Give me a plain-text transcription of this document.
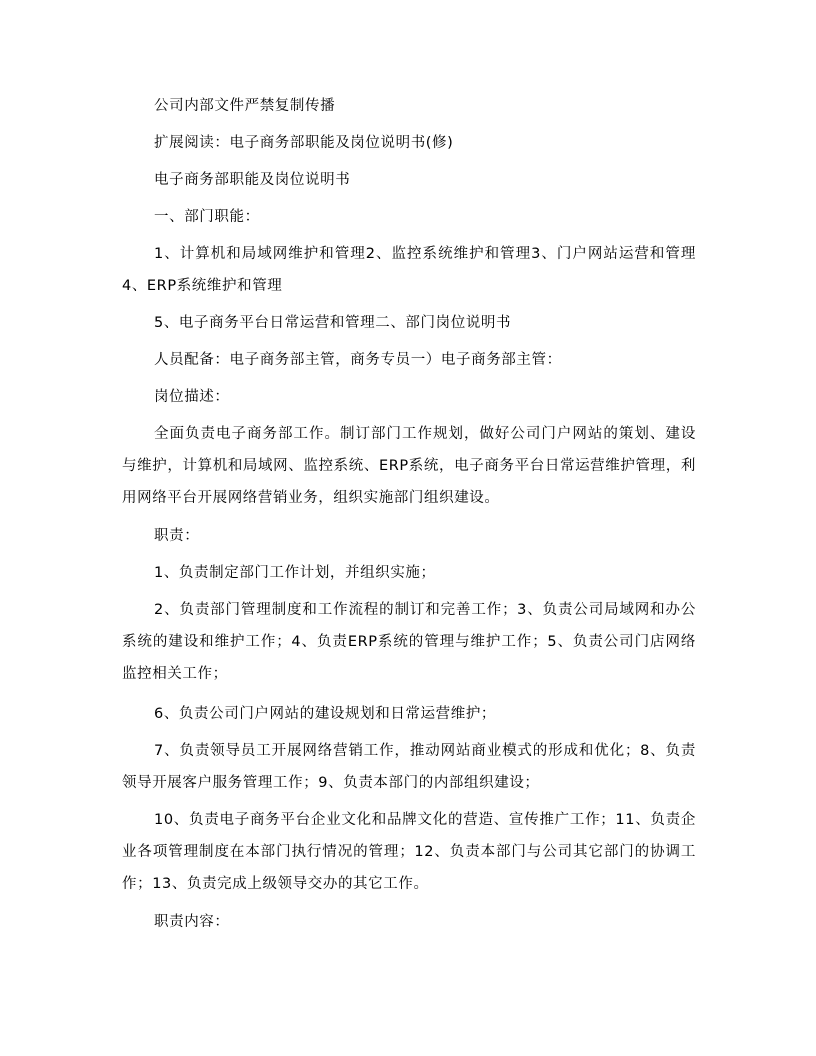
公司内部文件严禁复制传播

扩展阅读：电子商务部职能及岗位说明书(修)

电子商务部职能及岗位说明书

一、部门职能：

1、计算机和局域网维护和管理2、监控系统维护和管理3、门户网站运营和管理4、ERP系统维护和管理

5、电子商务平台日常运营和管理二、部门岗位说明书

人员配备：电子商务部主管，商务专员一）电子商务部主管：

岗位描述：

全面负责电子商务部工作。制订部门工作规划，做好公司门户网站的策划、建设与维护，计算机和局域网、监控系统、ERP系统，电子商务平台日常运营维护管理，利用网络平台开展网络营销业务，组织实施部门组织建设。

职责：

1、负责制定部门工作计划，并组织实施；

2、负责部门管理制度和工作流程的制订和完善工作；3、负责公司局域网和办公系统的建设和维护工作；4、负责ERP系统的管理与维护工作；5、负责公司门店网络监控相关工作；

6、负责公司门户网站的建设规划和日常运营维护；

7、负责领导员工开展网络营销工作，推动网站商业模式的形成和优化；8、负责领导开展客户服务管理工作；9、负责本部门的内部组织建设；

10、负责电子商务平台企业文化和品牌文化的营造、宣传推广工作；11、负责企业各项管理制度在本部门执行情况的管理；12、负责本部门与公司其它部门的协调工作；13、负责完成上级领导交办的其它工作。

职责内容：
